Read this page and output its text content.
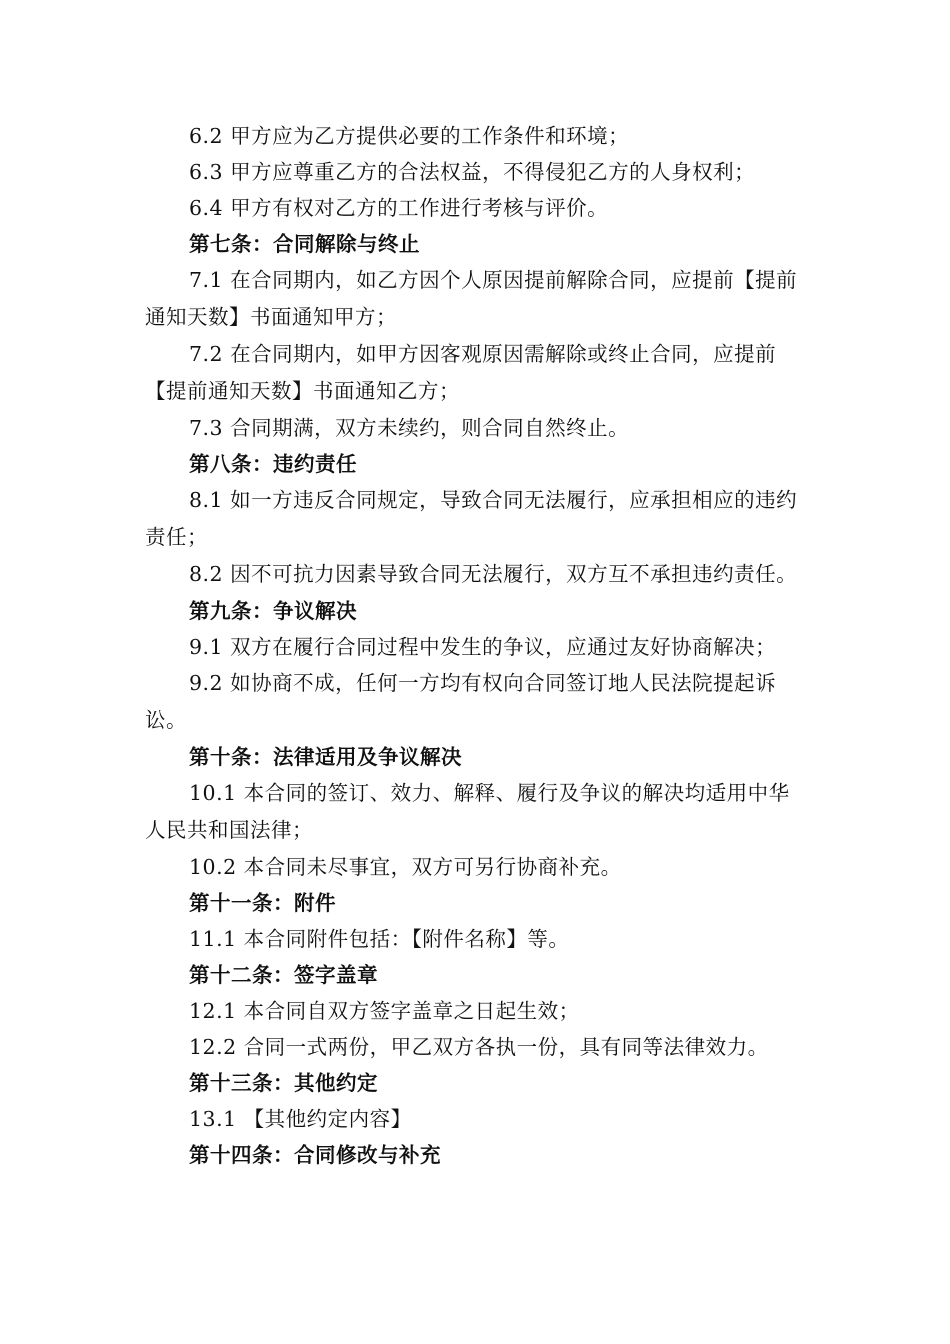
6.2 甲方应为乙方提供必要的工作条件和环境；

6.3 甲方应尊重乙方的合法权益，不得侵犯乙方的人身权利；

6.4 甲方有权对乙方的工作进行考核与评价。

第七条：合同解除与终止

7.1 在合同期内，如乙方因个人原因提前解除合同，应提前【提前通知天数】书面通知甲方；

7.2 在合同期内，如甲方因客观原因需解除或终止合同，应提前【提前通知天数】书面通知乙方；

7.3 合同期满，双方未续约，则合同自然终止。

第八条：违约责任

8.1 如一方违反合同规定，导致合同无法履行，应承担相应的违约责任；

8.2 因不可抗力因素导致合同无法履行，双方互不承担违约责任。

第九条：争议解决

9.1 双方在履行合同过程中发生的争议，应通过友好协商解决；

9.2 如协商不成，任何一方均有权向合同签订地人民法院提起诉讼。

第十条：法律适用及争议解决

10.1 本合同的签订、效力、解释、履行及争议的解决均适用中华人民共和国法律；

10.2 本合同未尽事宜，双方可另行协商补充。

第十一条：附件

11.1 本合同附件包括：【附件名称】等。

第十二条：签字盖章

12.1 本合同自双方签字盖章之日起生效；

12.2 合同一式两份，甲乙双方各执一份，具有同等法律效力。

第十三条：其他约定

13.1 【其他约定内容】

第十四条：合同修改与补充
